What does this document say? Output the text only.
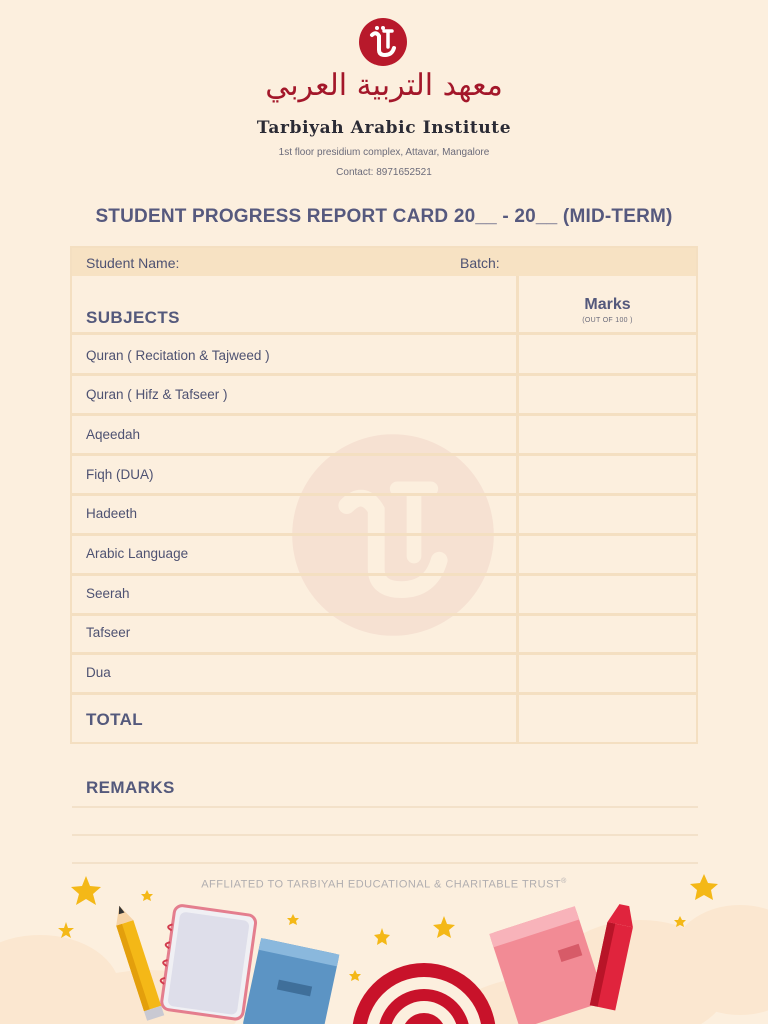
معهد التربية العربي
Tarbiyah Arabic Institute
1st floor presidium complex, Attavar, Mangalore
Contact: 8971652521
STUDENT PROGRESS REPORT CARD 20__ - 20__ (MID-TERM)
Student Name:	Batch:
SUBJECTS
Marks
(OUT OF 100 )
Quran ( Recitation & Tajweed )
Quran ( Hifz & Tafseer )
Aqeedah
Fiqh (DUA)
Hadeeth
Arabic Language
Seerah
Tafseer
Dua
TOTAL
REMARKS
AFFLIATED TO TARBIYAH EDUCATIONAL & CHARITABLE TRUST®
